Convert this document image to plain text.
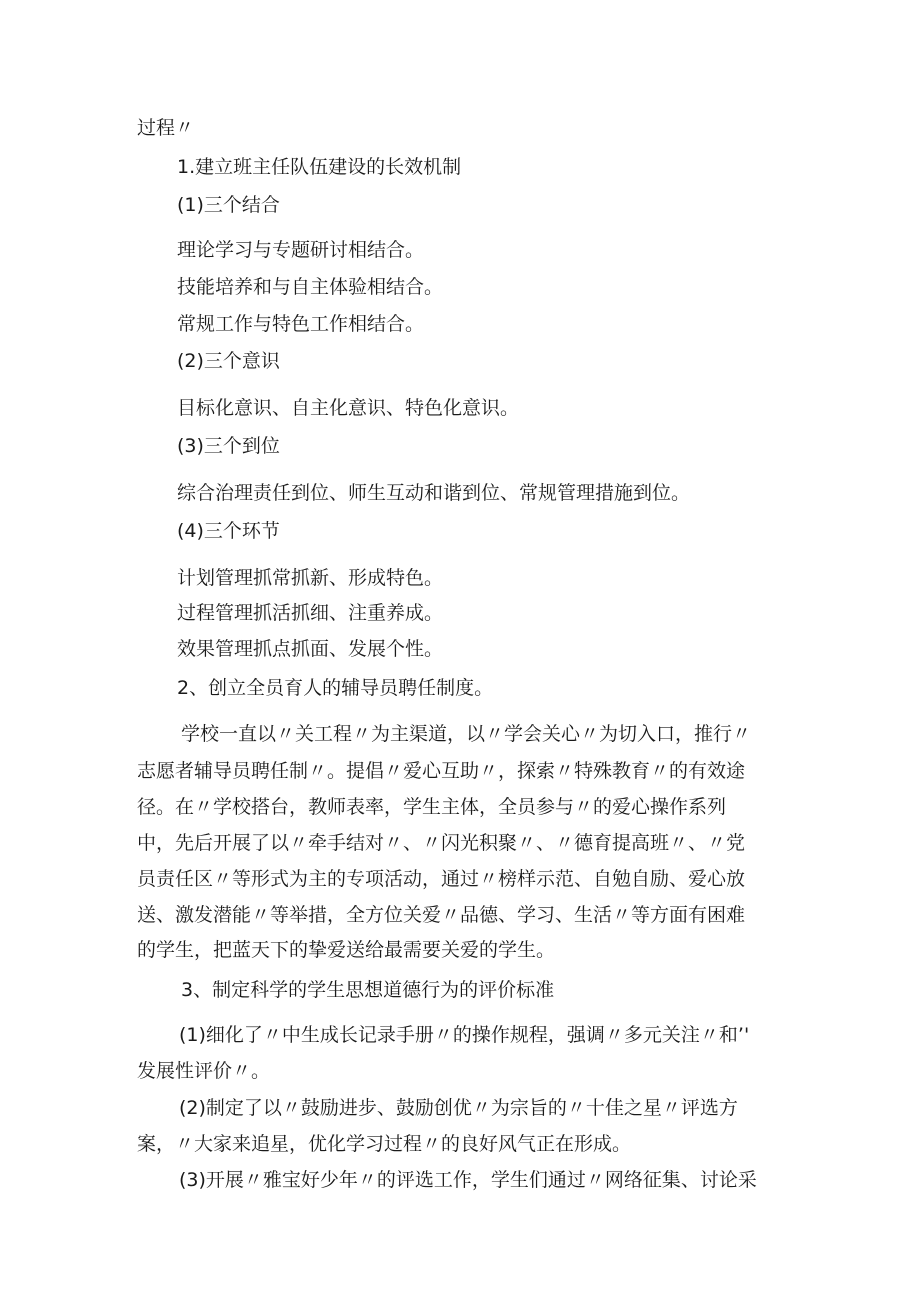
过程〃

1.建立班主任队伍建设的长效机制

(1)三个结合

理论学习与专题研讨相结合。

技能培养和与自主体验相结合。

常规工作与特色工作相结合。

(2)三个意识

目标化意识、自主化意识、特色化意识。

(3)三个到位

综合治理责任到位、师生互动和谐到位、常规管理措施到位。

(4)三个环节

计划管理抓常抓新、形成特色。

过程管理抓活抓细、注重养成。

效果管理抓点抓面、发展个性。

2、创立全员育人的辅导员聘任制度。

学校一直以〃关工程〃为主渠道，以〃学会关心〃为切入口，推行〃

志愿者辅导员聘任制〃。提倡〃爱心互助〃，探索〃特殊教育〃的有效途

径。在〃学校搭台，教师表率，学生主体，全员参与〃的爱心操作系列

中，先后开展了以〃牵手结对〃、〃闪光积聚〃、〃德育提高班〃、〃党

员责任区〃等形式为主的专项活动，通过〃榜样示范、自勉自励、爱心放

送、激发潜能〃等举措，全方位关爱〃品德、学习、生活〃等方面有困难

的学生，把蓝天下的挚爱送给最需要关爱的学生。

3、制定科学的学生思想道德行为的评价标准

(1)细化了〃中生成长记录手册〃的操作规程，强调〃多元关注〃和’'

发展性评价〃。

(2)制定了以〃鼓励进步、鼓励创优〃为宗旨的〃十佳之星〃评选方

案，〃大家来追星，优化学习过程〃的良好风气正在形成。

(3)开展〃雅宝好少年〃的评选工作，学生们通过〃网络征集、讨论采
